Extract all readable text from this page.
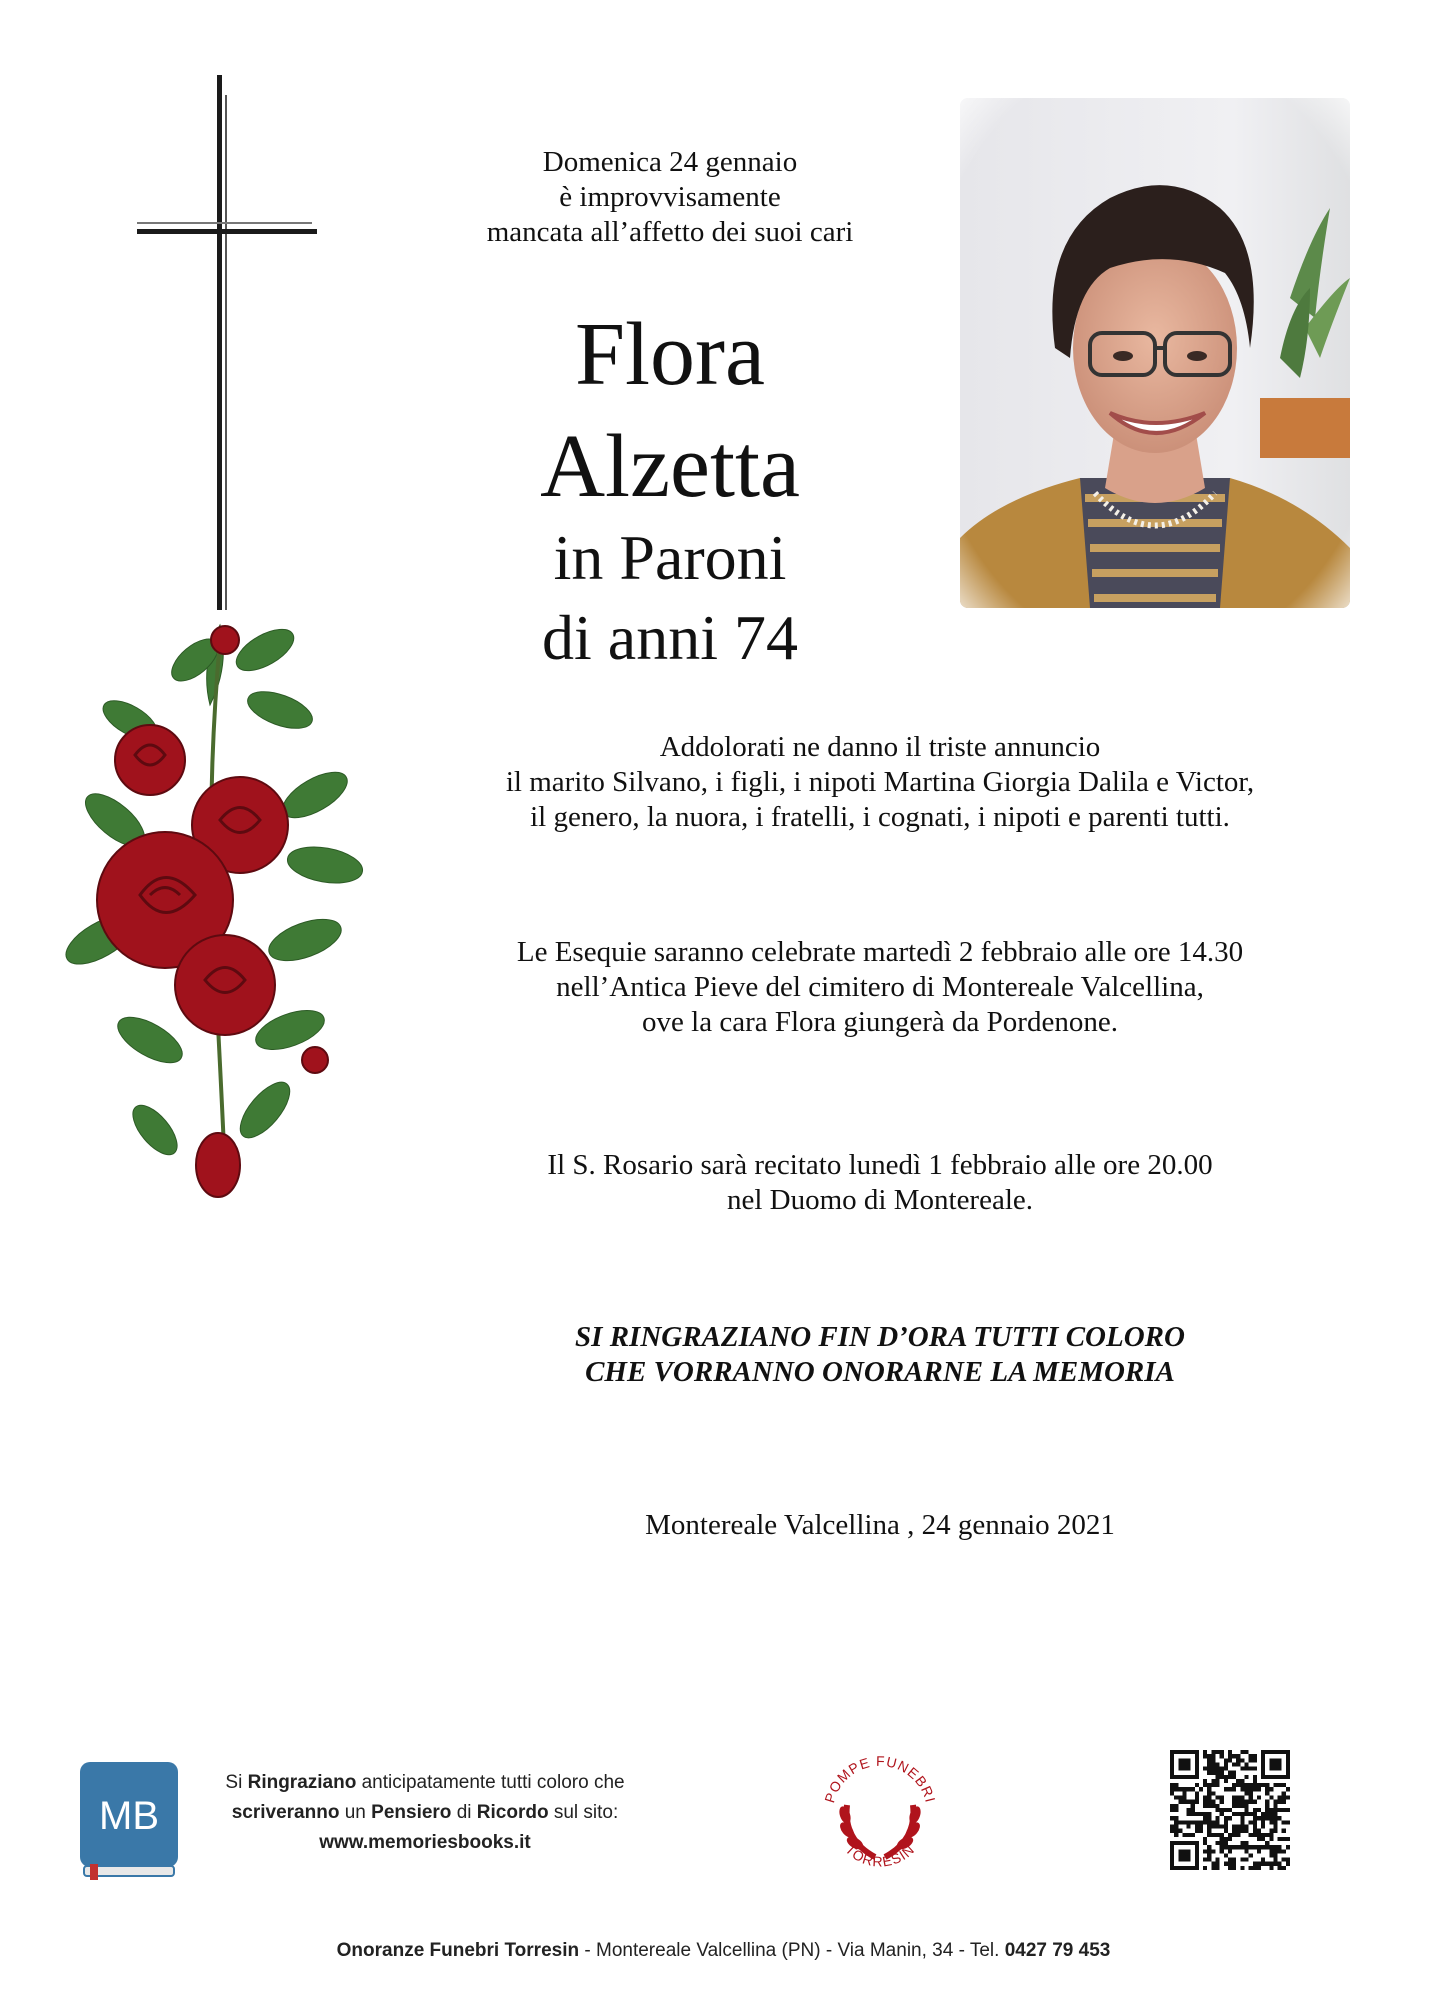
Domenica 24 gennaio
è improvvisamente
mancata all’affetto dei suoi cari
Flora
Alzetta
in Paroni
di anni 74
Addolorati ne danno il triste annuncio
il marito Silvano, i figli, i nipoti Martina Giorgia Dalila e Victor,
il genero, la nuora, i fratelli, i cognati, i nipoti e parenti tutti.
Le Esequie saranno celebrate martedì 2 febbraio alle ore 14.30
nell’Antica Pieve del cimitero di Montereale Valcellina,
ove la cara Flora giungerà da Pordenone.
Il S. Rosario sarà recitato lunedì 1 febbraio alle ore 20.00
nel Duomo di Montereale.
SI RINGRAZIANO FIN D’ORA TUTTI COLORO
CHE VORRANNO ONORARNE LA MEMORIA
Montereale Valcellina , 24 gennaio 2021
MB
Si Ringraziano anticipatamente tutti coloro che
scriveranno un Pensiero di Ricordo sul sito:
www.memoriesbooks.it
POMPE FUNEBRI
TORRESIN
Onoranze Funebri Torresin - Montereale Valcellina (PN) - Via Manin, 34 - Tel. 0427 79 453
